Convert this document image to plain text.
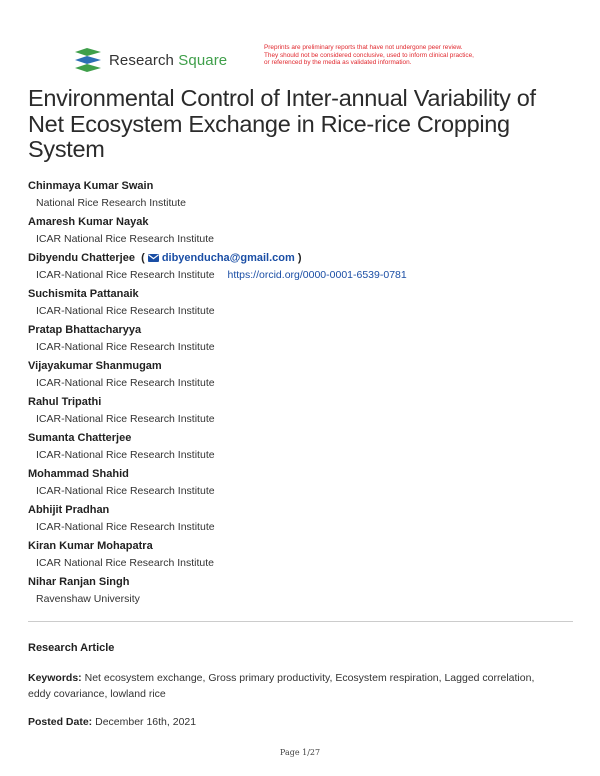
Research Square
Preprints are preliminary reports that have not undergone peer review.
They should not be considered conclusive, used to inform clinical practice,
or referenced by the media as validated information.
Environmental Control of Inter-annual Variability of Net Ecosystem Exchange in Rice-rice Cropping System
Chinmaya Kumar Swain
National Rice Research Institute
Amaresh Kumar Nayak
ICAR National Rice Research Institute
Dibyendu Chatterjee  ( dibyenducha@gmail.com )
ICAR-National Rice Research Institute https://orcid.org/0000-0001-6539-0781
Suchismita Pattanaik
ICAR-National Rice Research Institute
Pratap Bhattacharyya
ICAR-National Rice Research Institute
Vijayakumar Shanmugam
ICAR-National Rice Research Institute
Rahul Tripathi
ICAR-National Rice Research Institute
Sumanta Chatterjee
ICAR-National Rice Research Institute
Mohammad Shahid
ICAR-National Rice Research Institute
Abhijit Pradhan
ICAR-National Rice Research Institute
Kiran Kumar Mohapatra
ICAR National Rice Research Institute
Nihar Ranjan Singh
Ravenshaw University
Research Article
Keywords: Net ecosystem exchange, Gross primary productivity, Ecosystem respiration, Lagged correlation, eddy covariance, lowland rice
Posted Date: December 16th, 2021
Page 1/27
